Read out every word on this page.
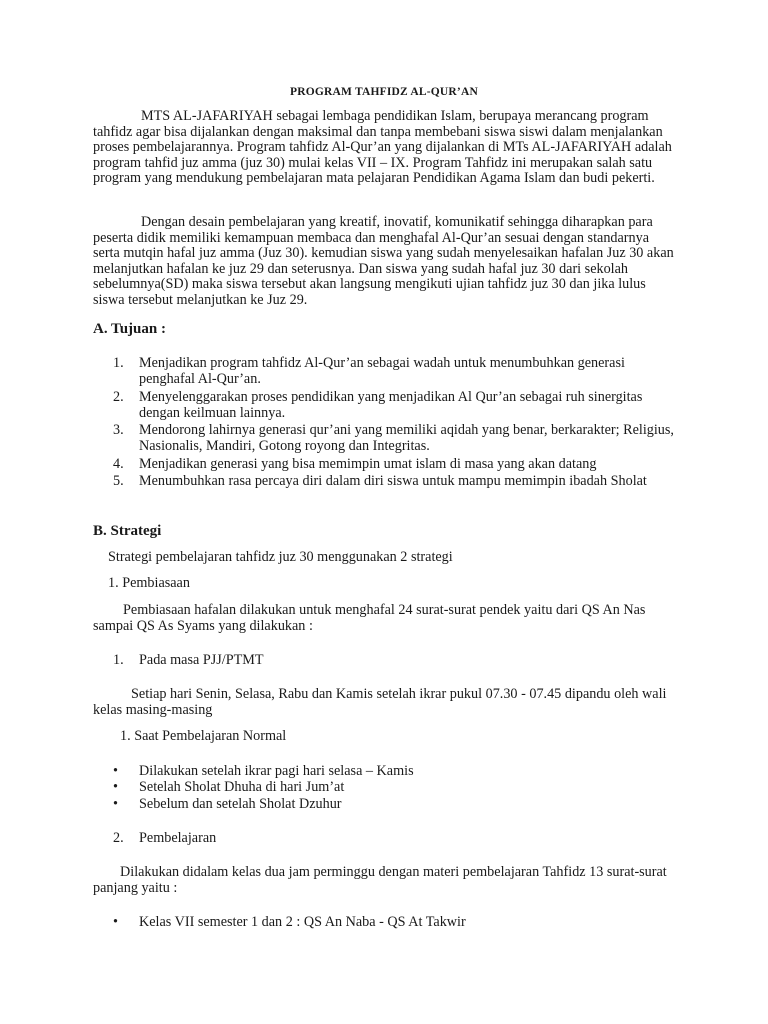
PROGRAM TAHFIDZ AL-QUR’AN
MTS AL-JAFARIYAH sebagai lembaga pendidikan Islam, berupaya merancang program tahfidz agar bisa dijalankan dengan maksimal dan tanpa membebani siswa siswi dalam menjalankan proses pembelajarannya. Program tahfidz Al-Qur’an yang dijalankan di MTs AL-JAFARIYAH adalah program tahfid juz amma (juz 30) mulai kelas VII – IX. Program Tahfidz ini merupakan salah satu program yang mendukung pembelajaran mata pelajaran Pendidikan Agama Islam dan budi pekerti.
Dengan desain pembelajaran yang kreatif, inovatif, komunikatif sehingga diharapkan para peserta didik memiliki kemampuan membaca dan menghafal Al-Qur’an sesuai dengan standarnya serta mutqin hafal juz amma (Juz 30). kemudian siswa yang sudah menyelesaikan hafalan Juz 30 akan melanjutkan hafalan ke juz 29 dan seterusnya. Dan siswa yang sudah hafal juz 30 dari sekolah sebelumnya(SD) maka siswa tersebut akan langsung mengikuti ujian tahfidz juz 30 dan jika lulus siswa tersebut melanjutkan ke Juz 29.
A. Tujuan :
1. Menjadikan program tahfidz Al-Qur’an sebagai wadah untuk menumbuhkan generasi penghafal Al-Qur’an.
2. Menyelenggarakan proses pendidikan yang menjadikan Al Qur’an sebagai ruh sinergitas dengan keilmuan lainnya.
3. Mendorong lahirnya generasi qur’ani yang memiliki aqidah yang benar, berkarakter; Religius, Nasionalis, Mandiri, Gotong royong dan Integritas.
4. Menjadikan generasi yang bisa memimpin umat islam di masa yang akan datang
5. Menumbuhkan rasa percaya diri dalam diri siswa untuk mampu memimpin ibadah Sholat
B. Strategi
Strategi pembelajaran tahfidz juz 30 menggunakan 2 strategi
1. Pembiasaan
Pembiasaan hafalan dilakukan untuk menghafal 24 surat-surat pendek yaitu dari QS An Nas sampai QS As Syams yang dilakukan :
1. Pada masa PJJ/PTMT
Setiap hari Senin, Selasa, Rabu dan Kamis setelah ikrar pukul 07.30 - 07.45 dipandu oleh wali kelas masing-masing
1. Saat Pembelajaran Normal
• Dilakukan setelah ikrar pagi hari selasa – Kamis
• Setelah Sholat Dhuha di hari Jum’at
• Sebelum dan setelah Sholat Dzuhur
2. Pembelajaran
Dilakukan didalam kelas dua jam perminggu dengan materi pembelajaran Tahfidz 13 surat-surat panjang yaitu :
• Kelas VII semester 1 dan 2 : QS An Naba - QS At Takwir
